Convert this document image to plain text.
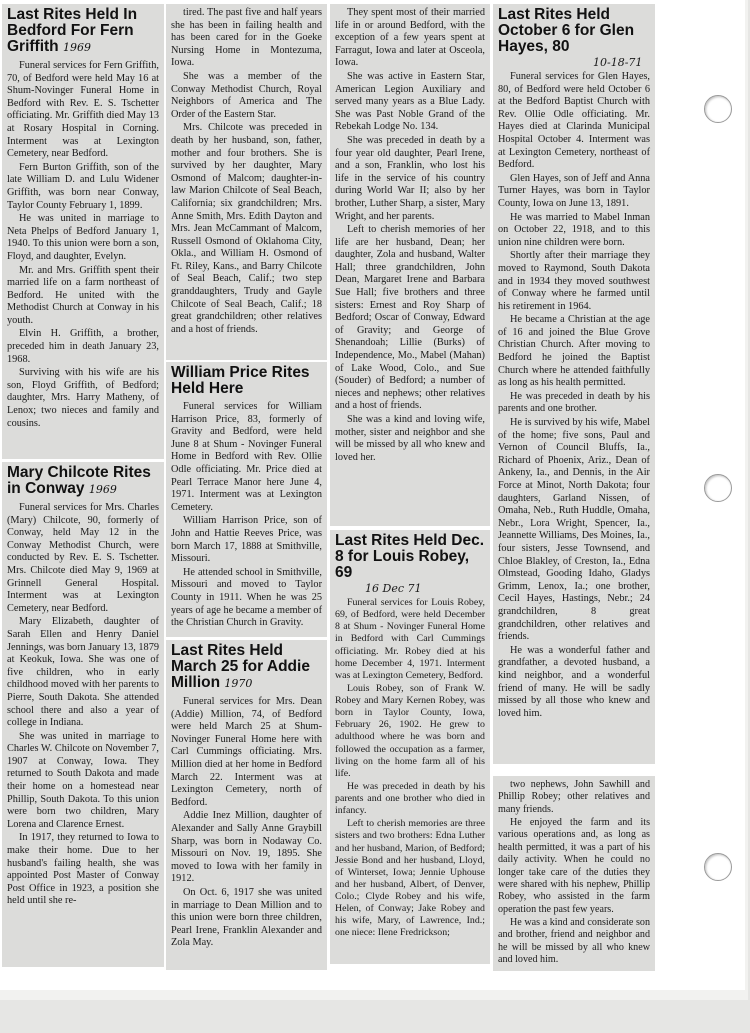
Last Rites Held In Bedford For Fern Griffith 1969

Funeral services for Fern Griffith, 70, of Bedford were held May 16 at Shum-Novinger Funeral Home in Bedford with Rev. E. S. Tschetter officiating. Mr. Griffith died May 13 at Rosary Hospital in Corning. Interment was at Lexington Cemetery, near Bedford.

Fern Burton Griffith, son of the late William D. and Lulu Widener Griffith, was born near Conway, Taylor County February 1, 1899.

He was united in marriage to Neta Phelps of Bedford January 1, 1940. To this union were born a son, Floyd, and daughter, Evelyn.

Mr. and Mrs. Griffith spent their married life on a farm northeast of Bedford. He united with the Methodist Church at Conway in his youth.

Elvin H. Griffith, a brother, preceded him in death January 23, 1968.

Surviving with his wife are his son, Floyd Griffith, of Bedford; daughter, Mrs. Harry Matheny, of Lenox; two nieces and family and cousins.

Mary Chilcote Rites in Conway 1969

Funeral services for Mrs. Charles (Mary) Chilcote, 90, formerly of Conway, held May 12 in the Conway Methodist Church, were conducted by Rev. E. S. Tschetter. Mrs. Chilcote died May 9, 1969 at Grinnell General Hospital. Interment was at Lexington Cemetery, near Bedford.

Mary Elizabeth, daughter of Sarah Ellen and Henry Daniel Jennings, was born January 13, 1879 at Keokuk, Iowa. She was one of five children, who in early childhood moved with her parents to Pierre, South Dakota. She attended school there and also a year of college in Indiana.

She was united in marriage to Charles W. Chilcote on November 7, 1907 at Conway, Iowa. They returned to South Dakota and made their home on a homestead near Phillip, South Dakota. To this union were born two children, Mary Lorena and Clarence Ernest.

In 1917, they returned to Iowa to make their home. Due to her husband's failing health, she was appointed Post Master of Conway Post Office in 1923, a position she held until she re-

tired. The past five and half years she has been in failing health and has been cared for in the Goeke Nursing Home in Montezuma, Iowa.

She was a member of the Conway Methodist Church, Royal Neighbors of America and The Order of the Eastern Star.

Mrs. Chilcote was preceded in death by her husband, son, father, mother and four brothers. She is survived by her daughter, Mary Osmond of Malcom; daughter-in-law Marion Chilcote of Seal Beach, California; six grandchildren; Mrs. Anne Smith, Mrs. Edith Dayton and Mrs. Jean McCammant of Malcom, Russell Osmond of Oklahoma City, Okla., and William H. Osmond of Ft. Riley, Kans., and Barry Chilcote of Seal Beach, Calif.; two step granddaughters, Trudy and Gayle Chilcote of Seal Beach, Calif.; 18 great grandchildren; other relatives and a host of friends.

William Price Rites Held Here

Funeral services for William Harrison Price, 83, formerly of Gravity and Bedford, were held June 8 at Shum - Novinger Funeral Home in Bedford with Rev. Ollie Odle officiating. Mr. Price died at Pearl Terrace Manor here June 4, 1971. Interment was at Lexington Cemetery.

William Harrison Price, son of John and Hattie Reeves Price, was born March 17, 1888 at Smithville, Missouri.

He attended school in Smithville, Missouri and moved to Taylor County in 1911. When he was 25 years of age he became a member of the Christian Church in Gravity.

Last Rites Held March 25 for Addie Million 1970

Funeral services for Mrs. Dean (Addie) Million, 74, of Bedford were held March 25 at Shum-Novinger Funeral Home here with Carl Cummings officiating. Mrs. Million died at her home in Bedford March 22. Interment was at Lexington Cemetery, north of Bedford.

Addie Inez Million, daughter of Alexander and Sally Anne Graybill Sharp, was born in Nodaway Co. Missouri on Nov. 19, 1895. She moved to Iowa with her family in 1912.

On Oct. 6, 1917 she was united in marriage to Dean Million and to this union were born three children, Pearl Irene, Franklin Alexander and Zola May.

They spent most of their married life in or around Bedford, with the exception of a few years spent at Farragut, Iowa and later at Osceola, Iowa.

She was active in Eastern Star, American Legion Auxiliary and served many years as a Blue Lady. She was Past Noble Grand of the Rebekah Lodge No. 134.

She was preceded in death by a four year old daughter, Pearl Irene, and a son, Franklin, who lost his life in the service of his country during World War II; also by her brother, Luther Sharp, a sister, Mary Wright, and her parents.

Left to cherish memories of her life are her husband, Dean; her daughter, Zola and husband, Walter Hall; three grandchildren, John Dean, Margaret Irene and Barbara Sue Hall; five brothers and three sisters: Ernest and Roy Sharp of Bedford; Oscar of Conway, Edward of Gravity; and George of Shenandoah; Lillie (Burks) of Independence, Mo., Mabel (Mahan) of Lake Wood, Colo., and Sue (Souder) of Bedford; a number of nieces and nephews; other relatives and a host of friends.

She was a kind and loving wife, mother, sister and neighbor and she will be missed by all who knew and loved her.

Last Rites Held Dec. 8 for Louis Robey, 69
16 Dec 71

Funeral services for Louis Robey, 69, of Bedford, were held December 8 at Shum - Novinger Funeral Home in Bedford with Carl Cummings officiating. Mr. Robey died at his home December 4, 1971. Interment was at Lexington Cemetery, Bedford.

Louis Robey, son of Frank W. Robey and Mary Kernen Robey, was born in Taylor County, Iowa, February 26, 1902. He grew to adulthood where he was born and followed the occupation as a farmer, living on the home farm all of his life.

He was preceded in death by his parents and one brother who died in infancy.

Left to cherish memories are three sisters and two brothers: Edna Luther and her husband, Marion, of Bedford; Jessie Bond and her husband, Lloyd, of Winterset, Iowa; Jennie Uphouse and her husband, Albert, of Denver, Colo.; Clyde Robey and his wife, Helen, of Conway; Jake Robey and his wife, Mary, of Lawrence, Ind.; one niece: Ilene Fredrickson;

Last Rites Held October 6 for Glen Hayes, 80
10-18-71

Funeral services for Glen Hayes, 80, of Bedford were held October 6 at the Bedford Baptist Church with Rev. Ollie Odle officiating. Mr. Hayes died at Clarinda Municipal Hospital October 4. Interment was at Lexington Cemetery, northeast of Bedford.

Glen Hayes, son of Jeff and Anna Turner Hayes, was born in Taylor County, Iowa on June 13, 1891.

He was married to Mabel Inman on October 22, 1918, and to this union nine children were born.

Shortly after their marriage they moved to Raymond, South Dakota and in 1934 they moved southwest of Conway where he farmed until his retirement in 1964.

He became a Christian at the age of 16 and joined the Blue Grove Christian Church. After moving to Bedford he joined the Baptist Church where he attended faithfully as long as his health permitted.

He was preceded in death by his parents and one brother.

He is survived by his wife, Mabel of the home; five sons, Paul and Vernon of Council Bluffs, Ia., Richard of Phoenix, Ariz., Dean of Ankeny, Ia., and Dennis, in the Air Force at Minot, North Dakota; four daughters, Garland Nissen, of Omaha, Neb., Ruth Huddle, Omaha, Nebr., Lora Wright, Spencer, Ia., Jeannette Williams, Des Moines, Ia., four sisters, Jesse Townsend, and Chloe Blakley, of Creston, Ia., Edna Olmstead, Gooding Idaho, Gladys Grimm, Lenox, Ia.; one brother, Cecil Hayes, Hastings, Nebr.; 24 grandchildren, 8 great grandchildren, other relatives and friends.

He was a wonderful father and grandfather, a devoted husband, a kind neighbor, and a wonderful friend of many. He will be sadly missed by all those who knew and loved him.

two nephews, John Sawhill and Phillip Robey; other relatives and many friends.

He enjoyed the farm and its various operations and, as long as health permitted, it was a part of his daily activity. When he could no longer take care of the duties they were shared with his nephew, Phillip Robey, who assisted in the farm operation the past few years.

He was a kind and considerate son and brother, friend and neighbor and he will be missed by all who knew and loved him.
